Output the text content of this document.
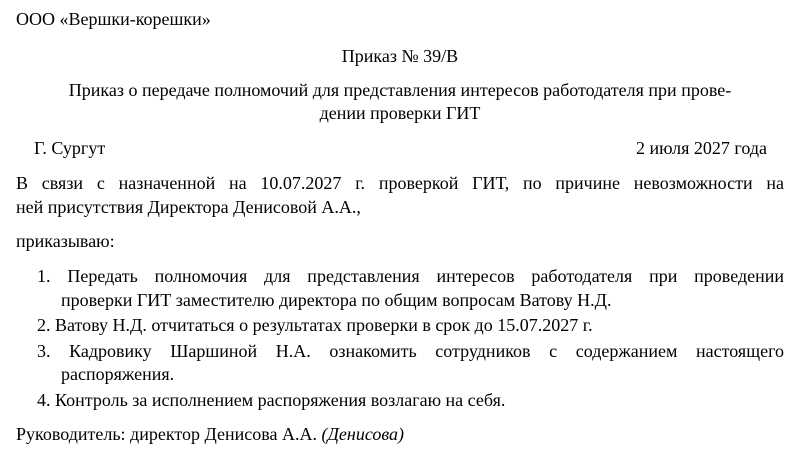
ООО «Вершки-корешки»
Приказ № 39/В
Приказ о передаче полномочий для представления интересов работодателя при прове-
дении проверки ГИТ
Г. Сургут	2 июля 2027 года
В связи с назначенной на 10.07.2027 г. проверкой ГИТ, по причине невозможности на
ней присутствия Директора Денисовой А.А.,
приказываю:
1. Передать полномочия для представления интересов работодателя при проведении
проверки ГИТ заместителю директора по общим вопросам Ватову Н.Д.
2. Ватову Н.Д. отчитаться о результатах проверки в срок до 15.07.2027 г.
3. Кадровику Шаршиной Н.А. ознакомить сотрудников с содержанием настоящего
распоряжения.
4. Контроль за исполнением распоряжения возлагаю на себя.
Руководитель: директор Денисова А.А. (Денисова)
